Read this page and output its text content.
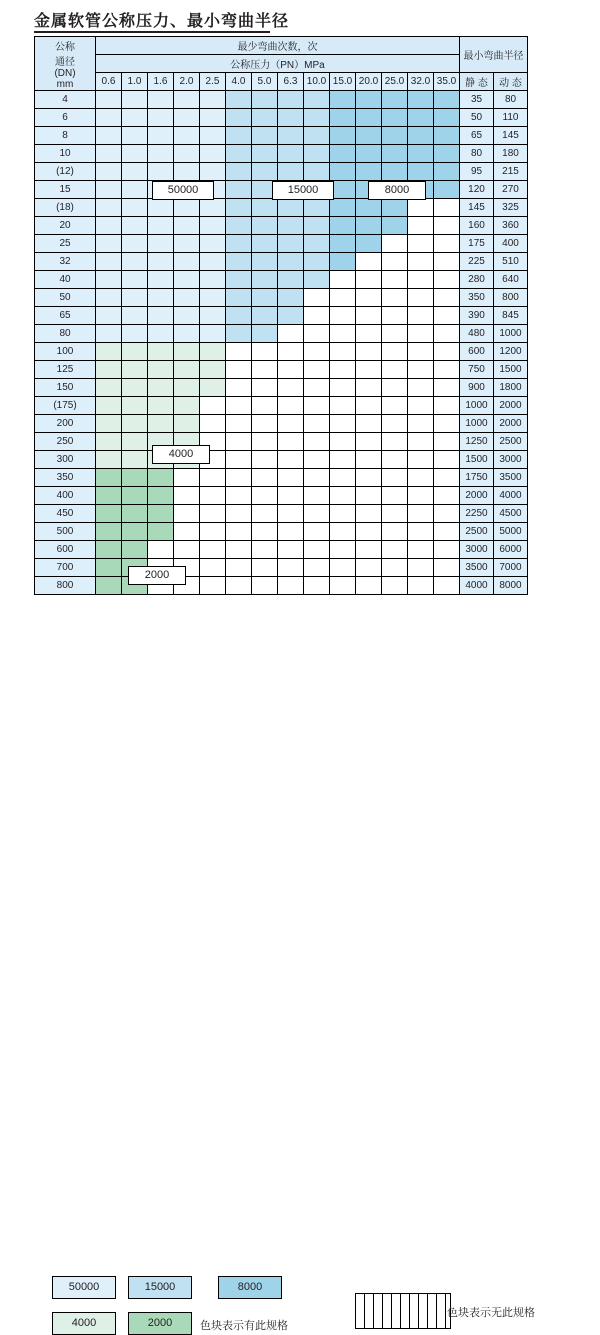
金属软管公称压力、最小弯曲半径
公称
通径
(DN)
mm	最少弯曲次数，次														最小弯曲半径	
	公称压力（PN）MPa															
	0.6	1.0	1.6	2.0	2.5	4.0	5.0	6.3	10.0	15.0	20.0	25.0	32.0	35.0	静 态	动 态
4															35	80
6															50	110
8															65	145
10															80	180
(12)															95	215
15															120	270
(18)															145	325
20															160	360
25															175	400
32															225	510
40															280	640
50															350	800
65															390	845
80															480	1000
100															600	1200
125															750	1500
150															900	1800
(175)															1000	2000
200															1000	2000
250															1250	2500
300															1500	3000
350															1750	3500
400															2000	4000
450															2250	4500
500															2500	5000
600															3000	6000
700															3500	7000
800															4000	8000
50000	15000	8000
4000
2000
50000	15000	8000
4000	2000	色块表示有此规格
色块表示无此规格
